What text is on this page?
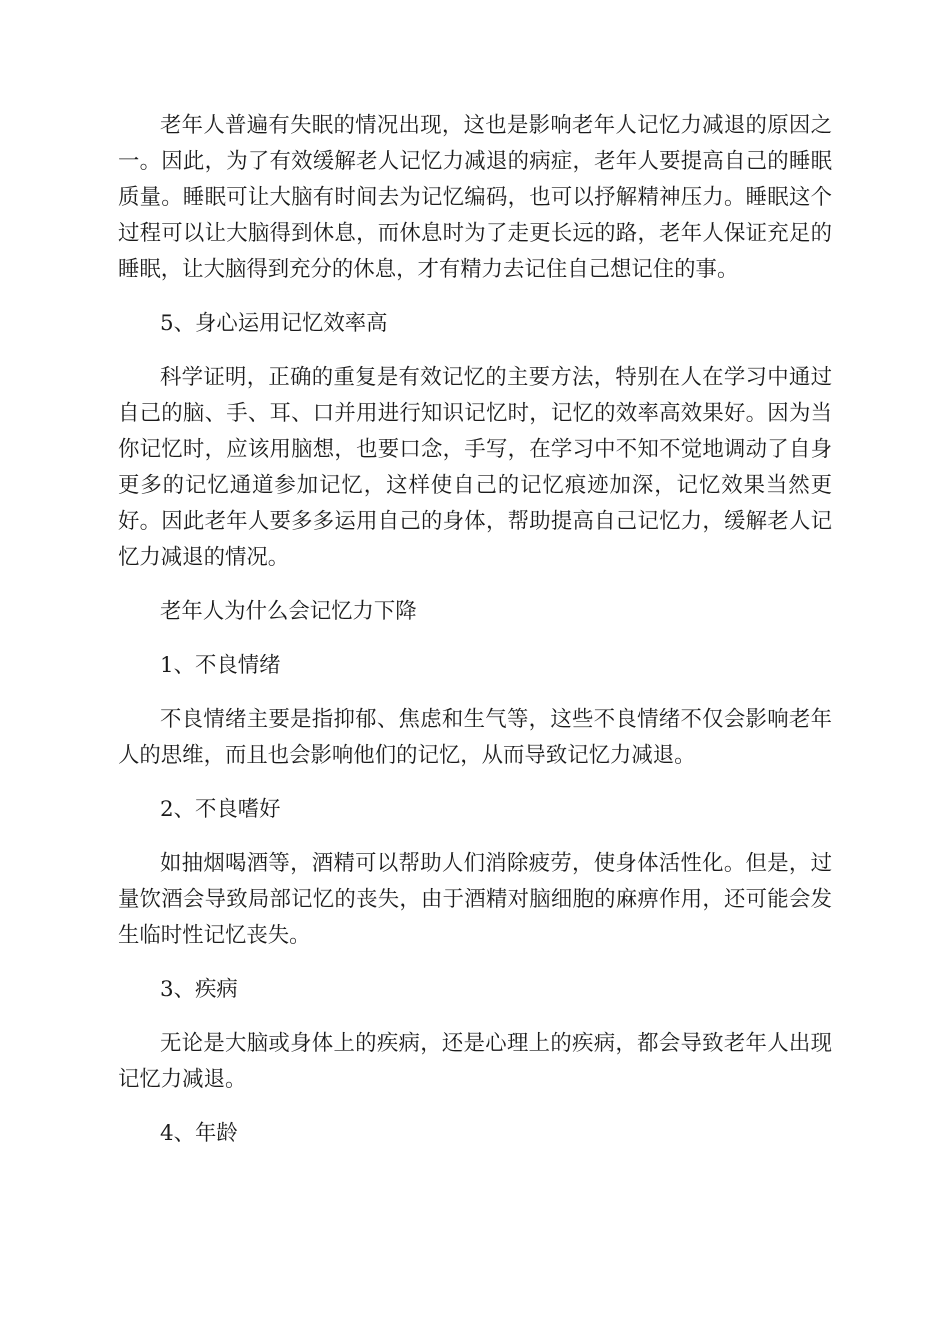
老年人普遍有失眠的情况出现，这也是影响老年人记忆力减退的原因之一。因此，为了有效缓解老人记忆力减退的病症，老年人要提高自己的睡眠质量。睡眠可让大脑有时间去为记忆编码，也可以抒解精神压力。睡眠这个过程可以让大脑得到休息，而休息时为了走更长远的路，老年人保证充足的睡眠，让大脑得到充分的休息，才有精力去记住自己想记住的事。

5、身心运用记忆效率高

科学证明，正确的重复是有效记忆的主要方法，特别在人在学习中通过自己的脑、手、耳、口并用进行知识记忆时，记忆的效率高效果好。因为当你记忆时，应该用脑想，也要口念，手写，在学习中不知不觉地调动了自身更多的记忆通道参加记忆，这样使自己的记忆痕迹加深，记忆效果当然更好。因此老年人要多多运用自己的身体，帮助提高自己记忆力，缓解老人记忆力减退的情况。

老年人为什么会记忆力下降

1、不良情绪

不良情绪主要是指抑郁、焦虑和生气等，这些不良情绪不仅会影响老年人的思维，而且也会影响他们的记忆，从而导致记忆力减退。

2、不良嗜好

如抽烟喝酒等，酒精可以帮助人们消除疲劳，使身体活性化。但是，过量饮酒会导致局部记忆的丧失，由于酒精对脑细胞的麻痹作用，还可能会发生临时性记忆丧失。

3、疾病

无论是大脑或身体上的疾病，还是心理上的疾病，都会导致老年人出现记忆力减退。

4、年龄
